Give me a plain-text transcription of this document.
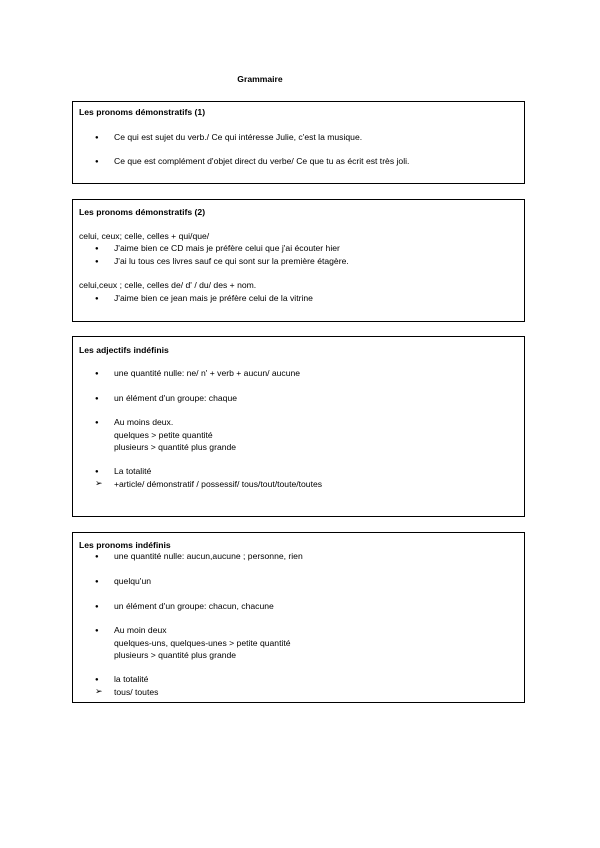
Grammaire
Les pronoms démonstratifs (1)
●
Ce qui est sujet du verb./ Ce qui intéresse Julie, c'est la musique.
●
Ce que est complément d'objet direct du verbe/ Ce que tu as écrit est très joli.
Les pronoms démonstratifs (2)
celui, ceux; celle, celles + qui/que/
●
J'aime bien ce CD mais je préfère celui que j'ai écouter hier
●
J'ai lu tous ces livres sauf ce qui sont sur la première étagère.
celui,ceux ; celle, celles de/ d' / du/ des + nom.
●
J'aime bien ce jean mais je préfère celui de la vitrine
Les adjectifs indéfinis
●
une quantité nulle: ne/ n' + verb + aucun/ aucune
●
un élément d'un groupe: chaque
●
Au moins deux.
quelques > petite quantité
plusieurs > quantité plus grande
●
La totalité
➢
+article/ démonstratif / possessif/ tous/tout/toute/toutes
Les pronoms indéfinis
●
une quantité nulle: aucun,aucune ; personne, rien
●
quelqu'un
●
un élément d'un groupe: chacun, chacune
●
Au moin deux
quelques-uns, quelques-unes > petite quantité
plusieurs > quantité plus grande
●
la totalité
➢
tous/ toutes
